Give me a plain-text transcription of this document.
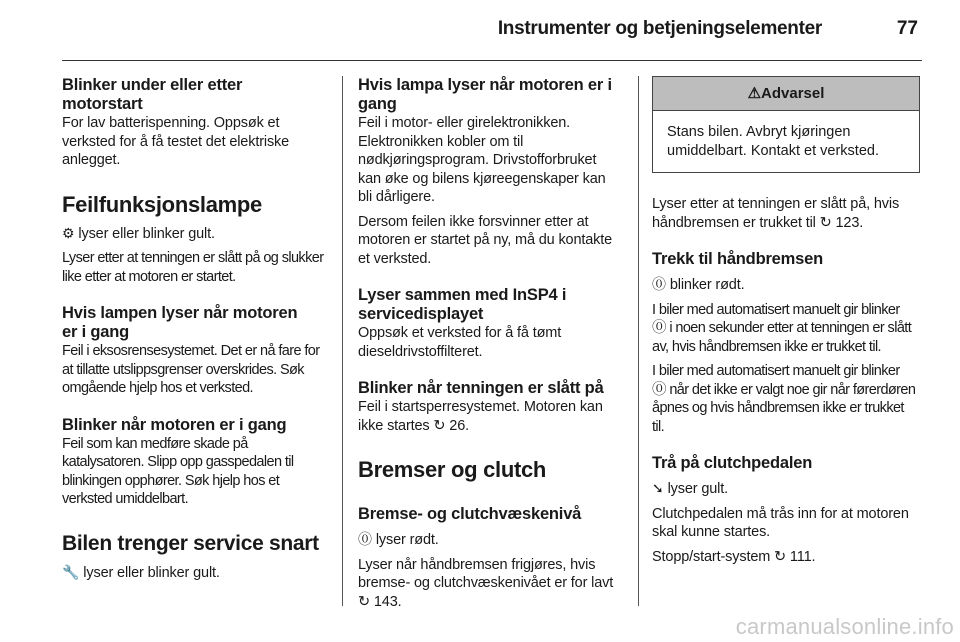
Instrumenter og betjeningselementer	77
Blinker under eller etter motorstart

For lav batterispenning. Oppsøk et verksted for å få testet det elektriske anlegget.

Feilfunksjonslampe

⚙ lyser eller blinker gult.

Lyser etter at tenningen er slått på og slukker like etter at motoren er startet.

Hvis lampen lyser når motoren er i gang

Feil i eksosrensesystemet. Det er nå fare for at tillatte utslippsgrenser overskrides. Søk omgående hjelp hos et verksted.

Blinker når motoren er i gang

Feil som kan medføre skade på katalysatoren. Slipp opp gasspedalen til blinkingen opphører. Søk hjelp hos et verksted umiddelbart.

Bilen trenger service snart

🔧 lyser eller blinker gult.

Hvis lampa lyser når motoren er i gang

Feil i motor- eller girelektronikken. Elektronikken kobler om til nødkjøringsprogram. Drivstofforbruket kan øke og bilens kjøreegenskaper kan bli dårligere.

Dersom feilen ikke forsvinner etter at motoren er startet på ny, må du kontakte et verksted.

Lyser sammen med InSP4 i servicedisplayet

Oppsøk et verksted for å få tømt dieseldrivstoffilteret.

Blinker når tenningen er slått på

Feil i startsperresystemet. Motoren kan ikke startes ↻ 26.

Bremser og clutch
Bremse- og clutchvæskenivå

⓪ lyser rødt.

Lyser når håndbremsen frigjøres, hvis bremse- og clutchvæskenivået er for lavt ↻ 143.

⚠Advarsel
Stans bilen. Avbryt kjøringen umiddelbart. Kontakt et verksted.

Lyser etter at tenningen er slått på, hvis håndbremsen er trukket til ↻ 123.

Trekk til håndbremsen

⓪ blinker rødt.

I biler med automatisert manuelt gir blinker ⓪ i noen sekunder etter at tenningen er slått av, hvis håndbremsen ikke er trukket til.

I biler med automatisert manuelt gir blinker ⓪ når det ikke er valgt noe gir når førerdøren åpnes og hvis håndbremsen ikke er trukket til.

Trå på clutchpedalen

➘ lyser gult.

Clutchpedalen må trås inn for at motoren skal kunne startes.

Stopp/start-system ↻ 111.

carmanualsonline.info
